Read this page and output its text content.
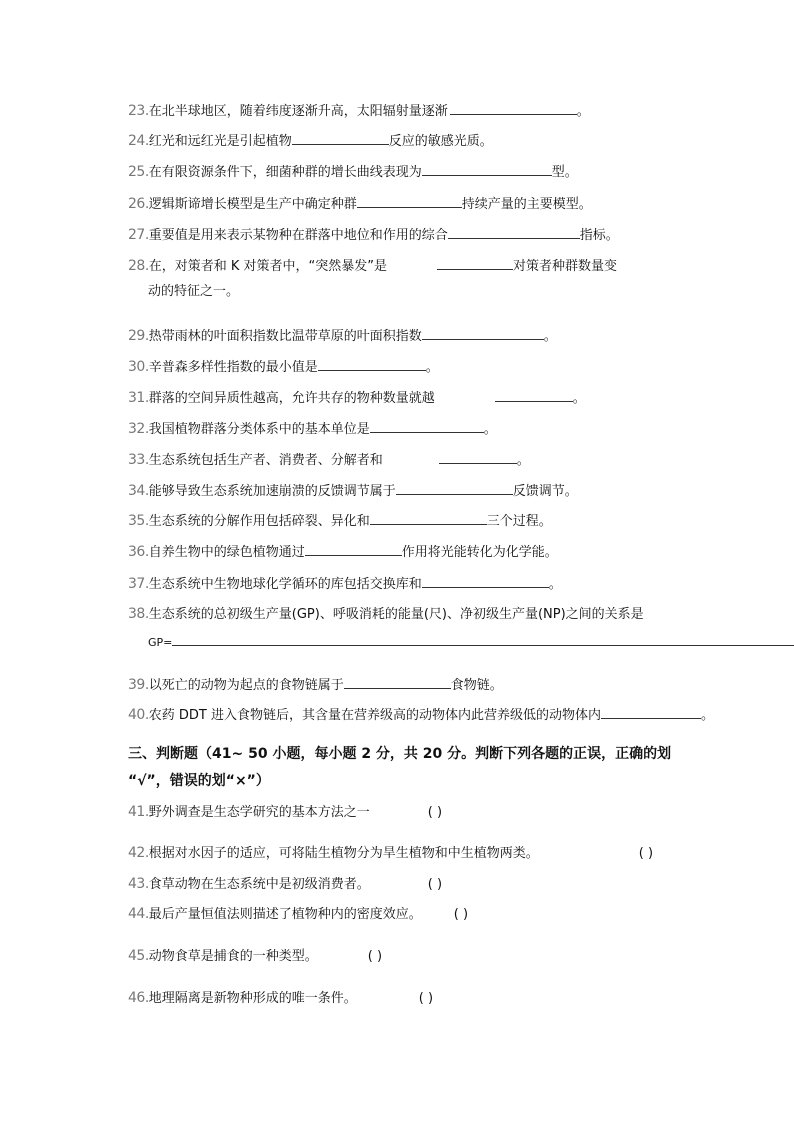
23.在北半球地区，随着纬度逐渐升高，太阳辐射量逐渐	。
24.红光和远红光是引起植物	反应的敏感光质。
25.在有限资源条件下，细菌种群的增长曲线表现为	型。
26.逻辑斯谛增长模型是生产中确定种群	持续产量的主要模型。
27.重要值是用来表示某物种在群落中地位和作用的综合	指标。
28.在，对策者和 K 对策者中，“突然暴发”是	对策者种群数量变
动的特征之一。
29.热带雨林的叶面积指数比温带草原的叶面积指数	。
30.辛普森多样性指数的最小值是	。
31.群落的空间异质性越高，允许共存的物种数量就越	。
32.我国植物群落分类体系中的基本单位是	。
33.生态系统包括生产者、消费者、分解者和	。
34.能够导致生态系统加速崩溃的反馈调节属于	反馈调节。
35.生态系统的分解作用包括碎裂、异化和	三个过程。
36.自养生物中的绿色植物通过	作用将光能转化为化学能。
37.生态系统中生物地球化学循环的库包括交换库和	。
38.生态系统的总初级生产量(GP)、呼吸消耗的能量(尺)、净初级生产量(NP)之间的关系是
GP=
39.以死亡的动物为起点的食物链属于	食物链。
40.农药 DDT 进入食物链后，其含量在营养级高的动物体内此营养级低的动物体内	。
三、判断题（41~ 50 小题，每小题 2 分，共 20 分。判断下列各题的正误，正确的划
“√”，错误的划“×”）
41.野外调查是生态学研究的基本方法之一	( )
42.根据对水因子的适应，可将陆生植物分为旱生植物和中生植物两类。	( )
43.食草动物在生态系统中是初级消费者。	( )
44.最后产量恒值法则描述了植物种内的密度效应。 ( )
45.动物食草是捕食的一种类型。	( )
46.地理隔离是新物种形成的唯一条件。	( )
